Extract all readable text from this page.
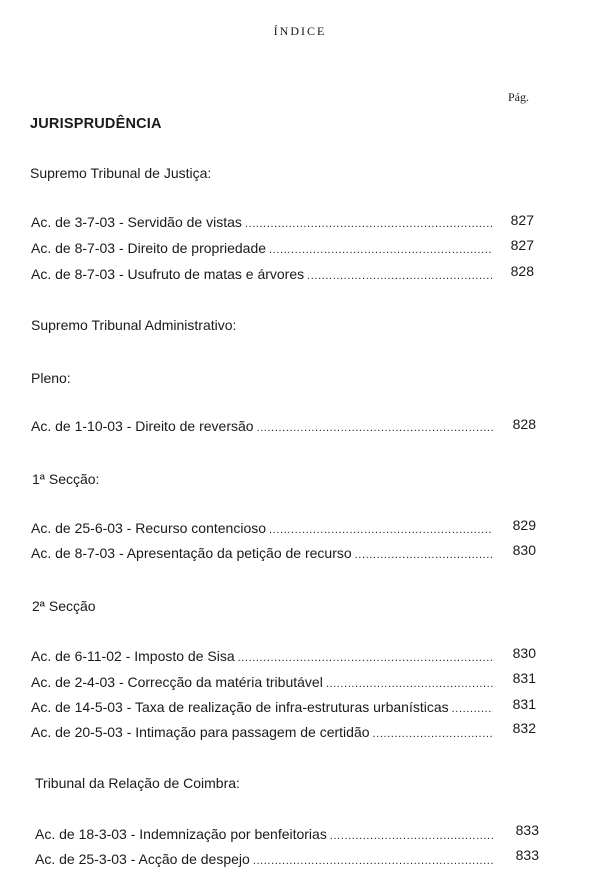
ÍNDICE
Pág.
JURISPRUDÊNCIA
Supremo Tribunal de Justiça:
Ac. de 3-7-03 - Servidão de vistas .....	827
Ac. de 8-7-03 - Direito de propriedade .....	827
Ac. de 8-7-03 - Usufruto de matas e árvores .....	828
Supremo Tribunal Administrativo:
Pleno:
Ac. de 1-10-03 - Direito de reversão .....	828
1ª Secção:
Ac. de 25-6-03 - Recurso contencioso .....	829
Ac. de 8-7-03 - Apresentação da petição de recurso .....	830
2ª Secção
Ac. de 6-11-02 - Imposto de Sisa .....	830
Ac. de 2-4-03 - Correcção da matéria tributável .....	831
Ac. de 14-5-03 - Taxa de realização de infra-estruturas urbanísticas .....	831
Ac. de 20-5-03 - Intimação para passagem de certidão .....	832
Tribunal da Relação de Coimbra:
Ac. de 18-3-03 - Indemnização por benfeitorias .....	833
Ac. de 25-3-03 - Acção de despejo .....	833
